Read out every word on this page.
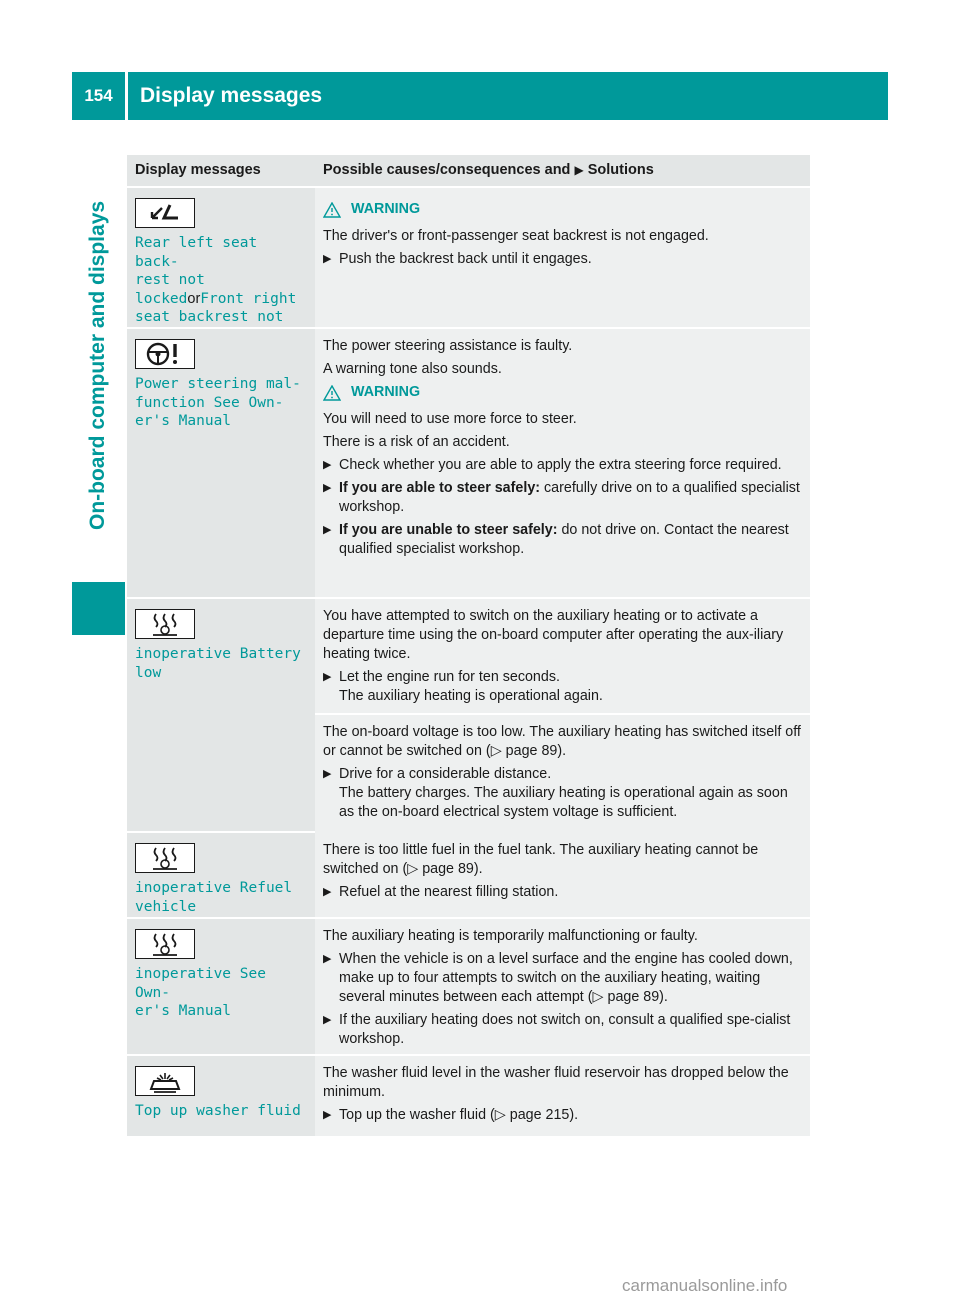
154	Display messages
On-board computer and displays
Display messages	Possible causes/consequences and ▶ Solutions
Rear left seat back-
rest not
lockedorFront right
seat backrest not

WARNING

The driver's or front-passenger seat backrest is not engaged.

▶ Push the backrest back until it engages.
Power steering mal-
function See Own-
er's Manual

The power steering assistance is faulty.

A warning tone also sounds.

WARNING

You will need to use more force to steer.

There is a risk of an accident.

▶ Check whether you are able to apply the extra steering force required.
▶ If you are able to steer safely: carefully drive on to a qualified specialist workshop.
▶ If you are unable to steer safely: do not drive on. Contact the nearest qualified specialist workshop.
inoperative Battery
low

You have attempted to switch on the auxiliary heating or to activate a departure time using the on-board computer after operating the aux-iliary heating twice.

▶ Let the engine run for ten seconds.
The auxiliary heating is operational again.

The on-board voltage is too low. The auxiliary heating has switched itself off or cannot be switched on (▷ page 89).

▶ Drive for a considerable distance.
The battery charges. The auxiliary heating is operational again as soon as the on-board electrical system voltage is sufficient.
inoperative Refuel
vehicle

There is too little fuel in the fuel tank. The auxiliary heating cannot be switched on (▷ page 89).

▶ Refuel at the nearest filling station.
inoperative See Own-
er's Manual

The auxiliary heating is temporarily malfunctioning or faulty.

▶ When the vehicle is on a level surface and the engine has cooled down, make up to four attempts to switch on the auxiliary heating, waiting several minutes between each attempt (▷ page 89).
▶ If the auxiliary heating does not switch on, consult a qualified spe-cialist workshop.
Top up washer fluid

The washer fluid level in the washer fluid reservoir has dropped below the minimum.

▶ Top up the washer fluid (▷ page 215).
carmanualsonline.info
